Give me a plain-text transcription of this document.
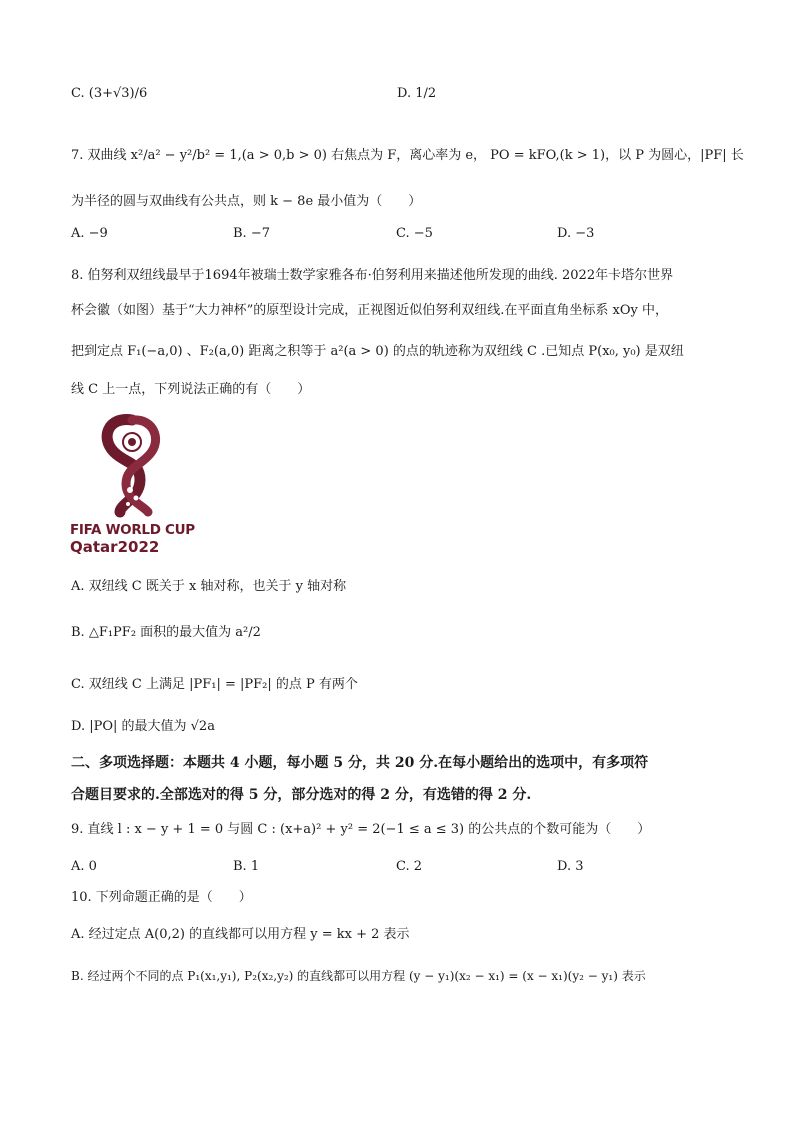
C. (3+√3)/6	D. 1/2
7. 双曲线 x²/a² − y²/b² = 1,(a > 0,b > 0) 右焦点为 F，离心率为 e， PO = kFO,(k > 1)，以 P 为圆心，|PF| 长
为半径的圆与双曲线有公共点，则 k − 8e 最小值为（　　）
A. −9	B. −7	C. −5	D. −3
8. 伯努利双纽线最早于1694年被瑞士数学家雅各布·伯努利用来描述他所发现的曲线. 2022年卡塔尔世界
杯会徽（如图）基于“大力神杯”的原型设计完成，正视图近似伯努利双纽线.在平面直角坐标系 xOy 中，
把到定点 F₁(−a,0) 、F₂(a,0) 距离之积等于 a²(a > 0) 的点的轨迹称为双纽线 C .已知点 P(x₀, y₀) 是双纽
线 C 上一点，下列说法正确的有（　　）
FIFA WORLD CUP
Qatar2022
A. 双纽线 C 既关于 x 轴对称，也关于 y 轴对称
B. △F₁PF₂ 面积的最大值为 a²/2
C. 双纽线 C 上满足 |PF₁| = |PF₂| 的点 P 有两个
D. |PO| 的最大值为 √2a
二、多项选择题：本题共 4 小题，每小题 5 分，共 20 分.在每小题给出的选项中，有多项符
合题目要求的.全部选对的得 5 分，部分选对的得 2 分，有选错的得 2 分.
9. 直线 l : x − y + 1 = 0 与圆 C : (x+a)² + y² = 2(−1 ≤ a ≤ 3) 的公共点的个数可能为（　　）
A. 0	B. 1	C. 2	D. 3
10. 下列命题正确的是（　　）
A. 经过定点 A(0,2) 的直线都可以用方程 y = kx + 2 表示
B. 经过两个不同的点 P₁(x₁,y₁), P₂(x₂,y₂) 的直线都可以用方程 (y − y₁)(x₂ − x₁) = (x − x₁)(y₂ − y₁) 表示
